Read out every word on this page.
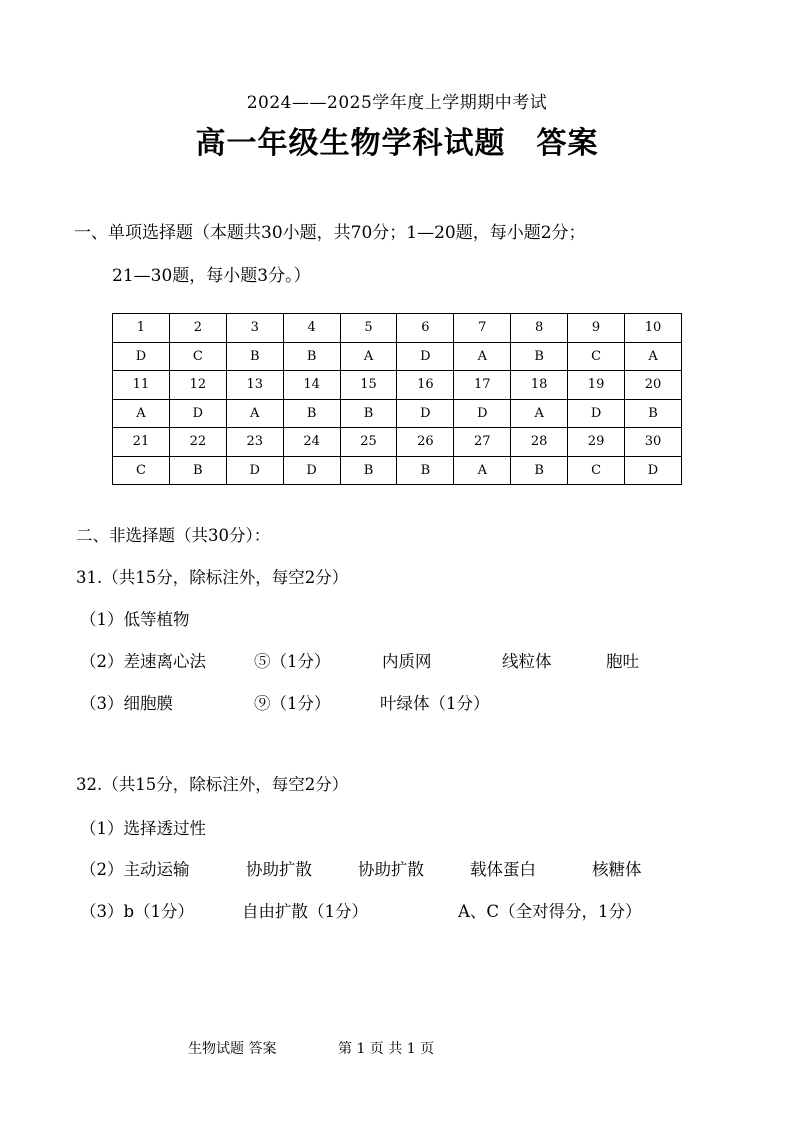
2024——2025学年度上学期期中考试
高一年级生物学科试题　答案
一、单项选择题（本题共30小题，共70分；1—20题，每小题2分；
21—30题，每小题3分。）
1	2	3	4	5	6	7	8	9	10
D	C	B	B	A	D	A	B	C	A
11	12	13	14	15	16	17	18	19	20
A	D	A	B	B	D	D	A	D	B
21	22	23	24	25	26	27	28	29	30
C	B	D	D	B	B	A	B	C	D
二、非选择题（共30分）：
31.（共15分，除标注外，每空2分）
（1）低等植物
（2）差速离心法	⑤（1分）	内质网	线粒体	胞吐
（3）细胞膜	⑨（1分）	叶绿体（1分）
32.（共15分，除标注外，每空2分）
（1）选择透过性
（2）主动运输	协助扩散	协助扩散	载体蛋白	核糖体
（3）b（1分）	自由扩散（1分）	A、C（全对得分，1分）
生物试题 答案	第 1 页 共 1 页
